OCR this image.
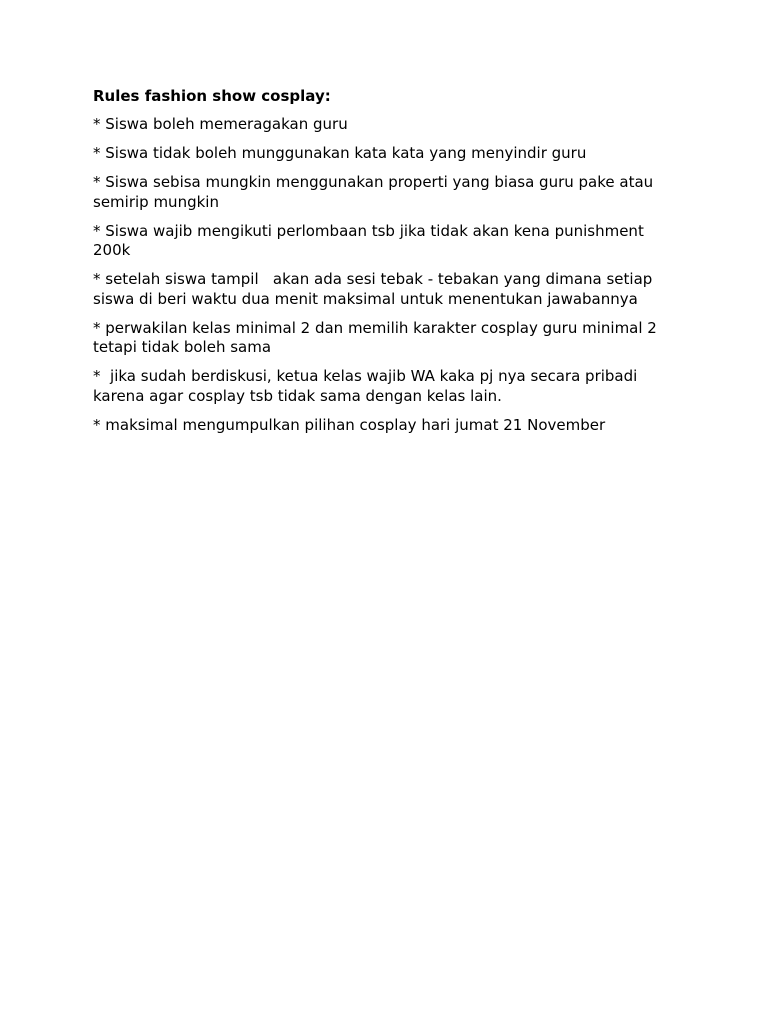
Rules fashion show cosplay:
* Siswa boleh memeragakan guru
* Siswa tidak boleh munggunakan kata kata yang menyindir guru
* Siswa sebisa mungkin menggunakan properti yang biasa guru pake atau semirip mungkin
* Siswa wajib mengikuti perlombaan tsb jika tidak akan kena punishment 200k
* setelah siswa tampil   akan ada sesi tebak - tebakan yang dimana setiap siswa di beri waktu dua menit maksimal untuk menentukan jawabannya
* perwakilan kelas minimal 2 dan memilih karakter cosplay guru minimal 2 tetapi tidak boleh sama
*  jika sudah berdiskusi, ketua kelas wajib WA kaka pj nya secara pribadi karena agar cosplay tsb tidak sama dengan kelas lain.
* maksimal mengumpulkan pilihan cosplay hari jumat 21 November
